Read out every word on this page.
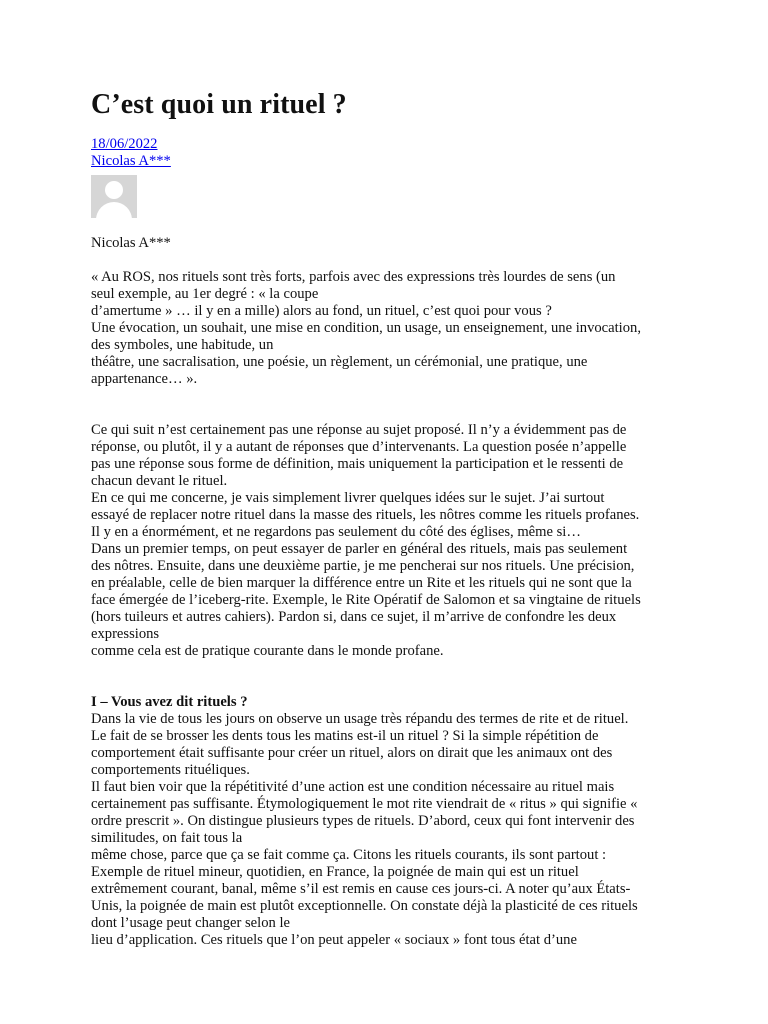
C’est quoi un rituel ?
18/06/2022
Nicolas A***
Nicolas A***

« Au ROS, nos rituels sont très forts, parfois avec des expressions très lourdes de sens (un

seul exemple, au 1er degré : « la coupe

d’amertume » … il y en a mille) alors au fond, un rituel, c’est quoi pour vous ?

Une évocation, un souhait, une mise en condition, un usage, un enseignement, une invocation,

des symboles, une habitude, un

théâtre, une sacralisation, une poésie, un règlement, un cérémonial, une pratique, une

appartenance… ».

Ce qui suit n’est certainement pas une réponse au sujet proposé. Il n’y a évidemment pas de

réponse, ou plutôt, il y a autant de réponses que d’intervenants. La question posée n’appelle

pas une réponse sous forme de définition, mais uniquement la participation et le ressenti de

chacun devant le rituel.

En ce qui me concerne, je vais simplement livrer quelques idées sur le sujet. J’ai surtout

essayé de replacer notre rituel dans la masse des rituels, les nôtres comme les rituels profanes.

Il y en a énormément, et ne regardons pas seulement du côté des églises, même si…

Dans un premier temps, on peut essayer de parler en général des rituels, mais pas seulement

des nôtres. Ensuite, dans une deuxième partie, je me pencherai sur nos rituels. Une précision,

en préalable, celle de bien marquer la différence entre un Rite et les rituels qui ne sont que la

face émergée de l’iceberg-rite. Exemple, le Rite Opératif de Salomon et sa vingtaine de rituels

(hors tuileurs et autres cahiers). Pardon si, dans ce sujet, il m’arrive de confondre les deux

expressions

comme cela est de pratique courante dans le monde profane.

I – Vous avez dit rituels ?

Dans la vie de tous les jours on observe un usage très répandu des termes de rite et de rituel.

Le fait de se brosser les dents tous les matins est-il un rituel ? Si la simple répétition de

comportement était suffisante pour créer un rituel, alors on dirait que les animaux ont des

comportements rituéliques.

Il faut bien voir que la répétitivité d’une action est une condition nécessaire au rituel mais

certainement pas suffisante. Étymologiquement le mot rite viendrait de « ritus » qui signifie «

ordre prescrit ». On distingue plusieurs types de rituels. D’abord, ceux qui font intervenir des

similitudes, on fait tous la

même chose, parce que ça se fait comme ça. Citons les rituels courants, ils sont partout :

Exemple de rituel mineur, quotidien, en France, la poignée de main qui est un rituel

extrêmement courant, banal, même s’il est remis en cause ces jours-ci. A noter qu’aux États-

Unis, la poignée de main est plutôt exceptionnelle. On constate déjà la plasticité de ces rituels

dont l’usage peut changer selon le

lieu d’application. Ces rituels que l’on peut appeler « sociaux » font tous état d’une
